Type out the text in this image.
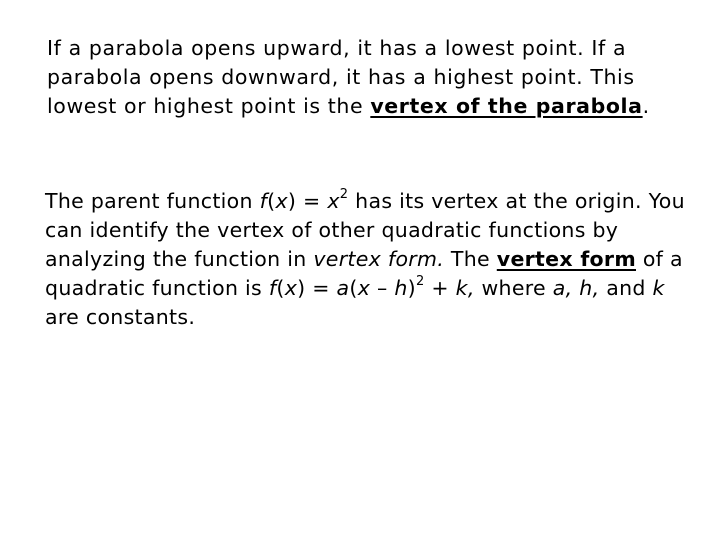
If a parabola opens upward, it has a lowest point. If a parabola opens downward, it has a highest point. This lowest or highest point is the vertex of the parabola.

The parent function $f(x) = x^2$ has its vertex at the origin. You can identify the vertex of other quadratic functions by analyzing the function in vertex form. The vertex form of a quadratic function is f(x) = a(x – h)$^2$ + k, where a, h, and k are constants.
